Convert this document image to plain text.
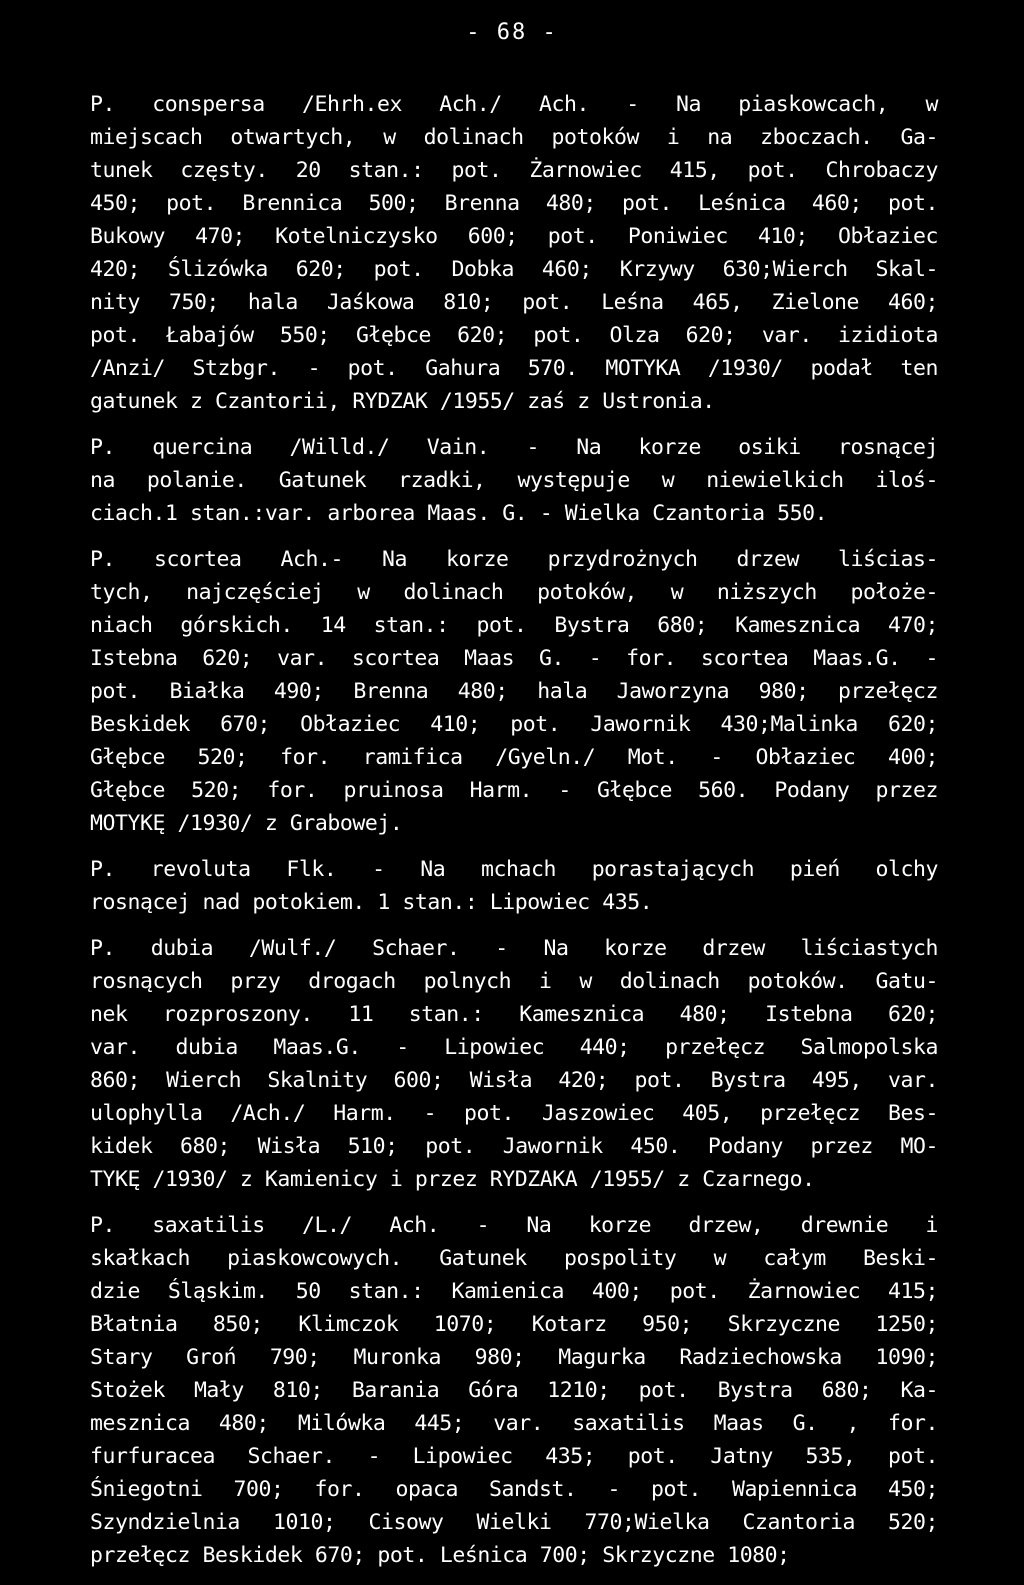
- 68 -
P. conspersa /Ehrh.ex Ach./ Ach. - Na piaskowcach, w
miejscach otwartych, w dolinach potoków i na zboczach. Ga-
tunek częsty. 20 stan.: pot. Żarnowiec 415, pot. Chrobaczy
450; pot. Brennica 500; Brenna 480; pot. Leśnica 460; pot.
Bukowy 470; Kotelniczysko 600; pot. Poniwiec 410; Obłaziec
420; Ślizówka 620; pot. Dobka 460; Krzywy 630;Wierch Skal-
nity 750; hala Jaśkowa 810; pot. Leśna 465, Zielone 460;
pot. Łabajów 550; Głębce 620; pot. Olza 620; var. izidiota
/Anzi/ Stzbgr. - pot. Gahura 570. MOTYKA /1930/ podał ten
gatunek z Czantorii, RYDZAK /1955/ zaś z Ustronia.
P. quercina /Willd./ Vain. - Na korze osiki rosnącej
na polanie. Gatunek rzadki, występuje w niewielkich iloś-
ciach.1 stan.:var. arborea Maas. G. - Wielka Czantoria 550.
P. scortea Ach.- Na korze przydrożnych drzew liścias-
tych, najczęściej w dolinach potoków, w niższych położe-
niach górskich. 14 stan.: pot. Bystra 680; Kamesznica 470;
Istebna 620; var. scortea Maas G. - for. scortea Maas.G. -
pot. Białka 490; Brenna 480; hala Jaworzyna 980; przełęcz
Beskidek 670; Obłaziec 410; pot. Jawornik 430;Malinka 620;
Głębce 520; for. ramifica /Gyeln./ Mot. - Obłaziec 400;
Głębce 520; for. pruinosa Harm. - Głębce 560. Podany przez
MOTYKĘ /1930/ z Grabowej.
P. revoluta Flk. - Na mchach porastających pień olchy
rosnącej nad potokiem. 1 stan.: Lipowiec 435.
P. dubia /Wulf./ Schaer. - Na korze drzew liściastych
rosnących przy drogach polnych i w dolinach potoków. Gatu-
nek rozproszony. 11 stan.: Kamesznica 480; Istebna 620;
var. dubia Maas.G. - Lipowiec 440; przełęcz Salmopolska
860; Wierch Skalnity 600; Wisła 420; pot. Bystra 495, var.
ulophylla /Ach./ Harm. - pot. Jaszowiec 405, przełęcz Bes-
kidek 680; Wisła 510; pot. Jawornik 450. Podany przez MO-
TYKĘ /1930/ z Kamienicy i przez RYDZAKA /1955/ z Czarnego.
P. saxatilis /L./ Ach. - Na korze drzew, drewnie i
skałkach piaskowcowych. Gatunek pospolity w całym Beski-
dzie Śląskim. 50 stan.: Kamienica 400; pot. Żarnowiec 415;
Błatnia 850; Klimczok 1070; Kotarz 950; Skrzyczne 1250;
Stary Groń 790; Muronka 980; Magurka Radziechowska 1090;
Stożek Mały 810; Barania Góra 1210; pot. Bystra 680; Ka-
mesznica 480; Milówka 445; var. saxatilis Maas G. , for.
furfuracea Schaer. - Lipowiec 435; pot. Jatny 535, pot.
Śniegotni 700; for. opaca Sandst. - pot. Wapiennica 450;
Szyndzielnia 1010; Cisowy Wielki 770;Wielka Czantoria 520;
przełęcz Beskidek 670; pot. Leśnica 700; Skrzyczne 1080;
